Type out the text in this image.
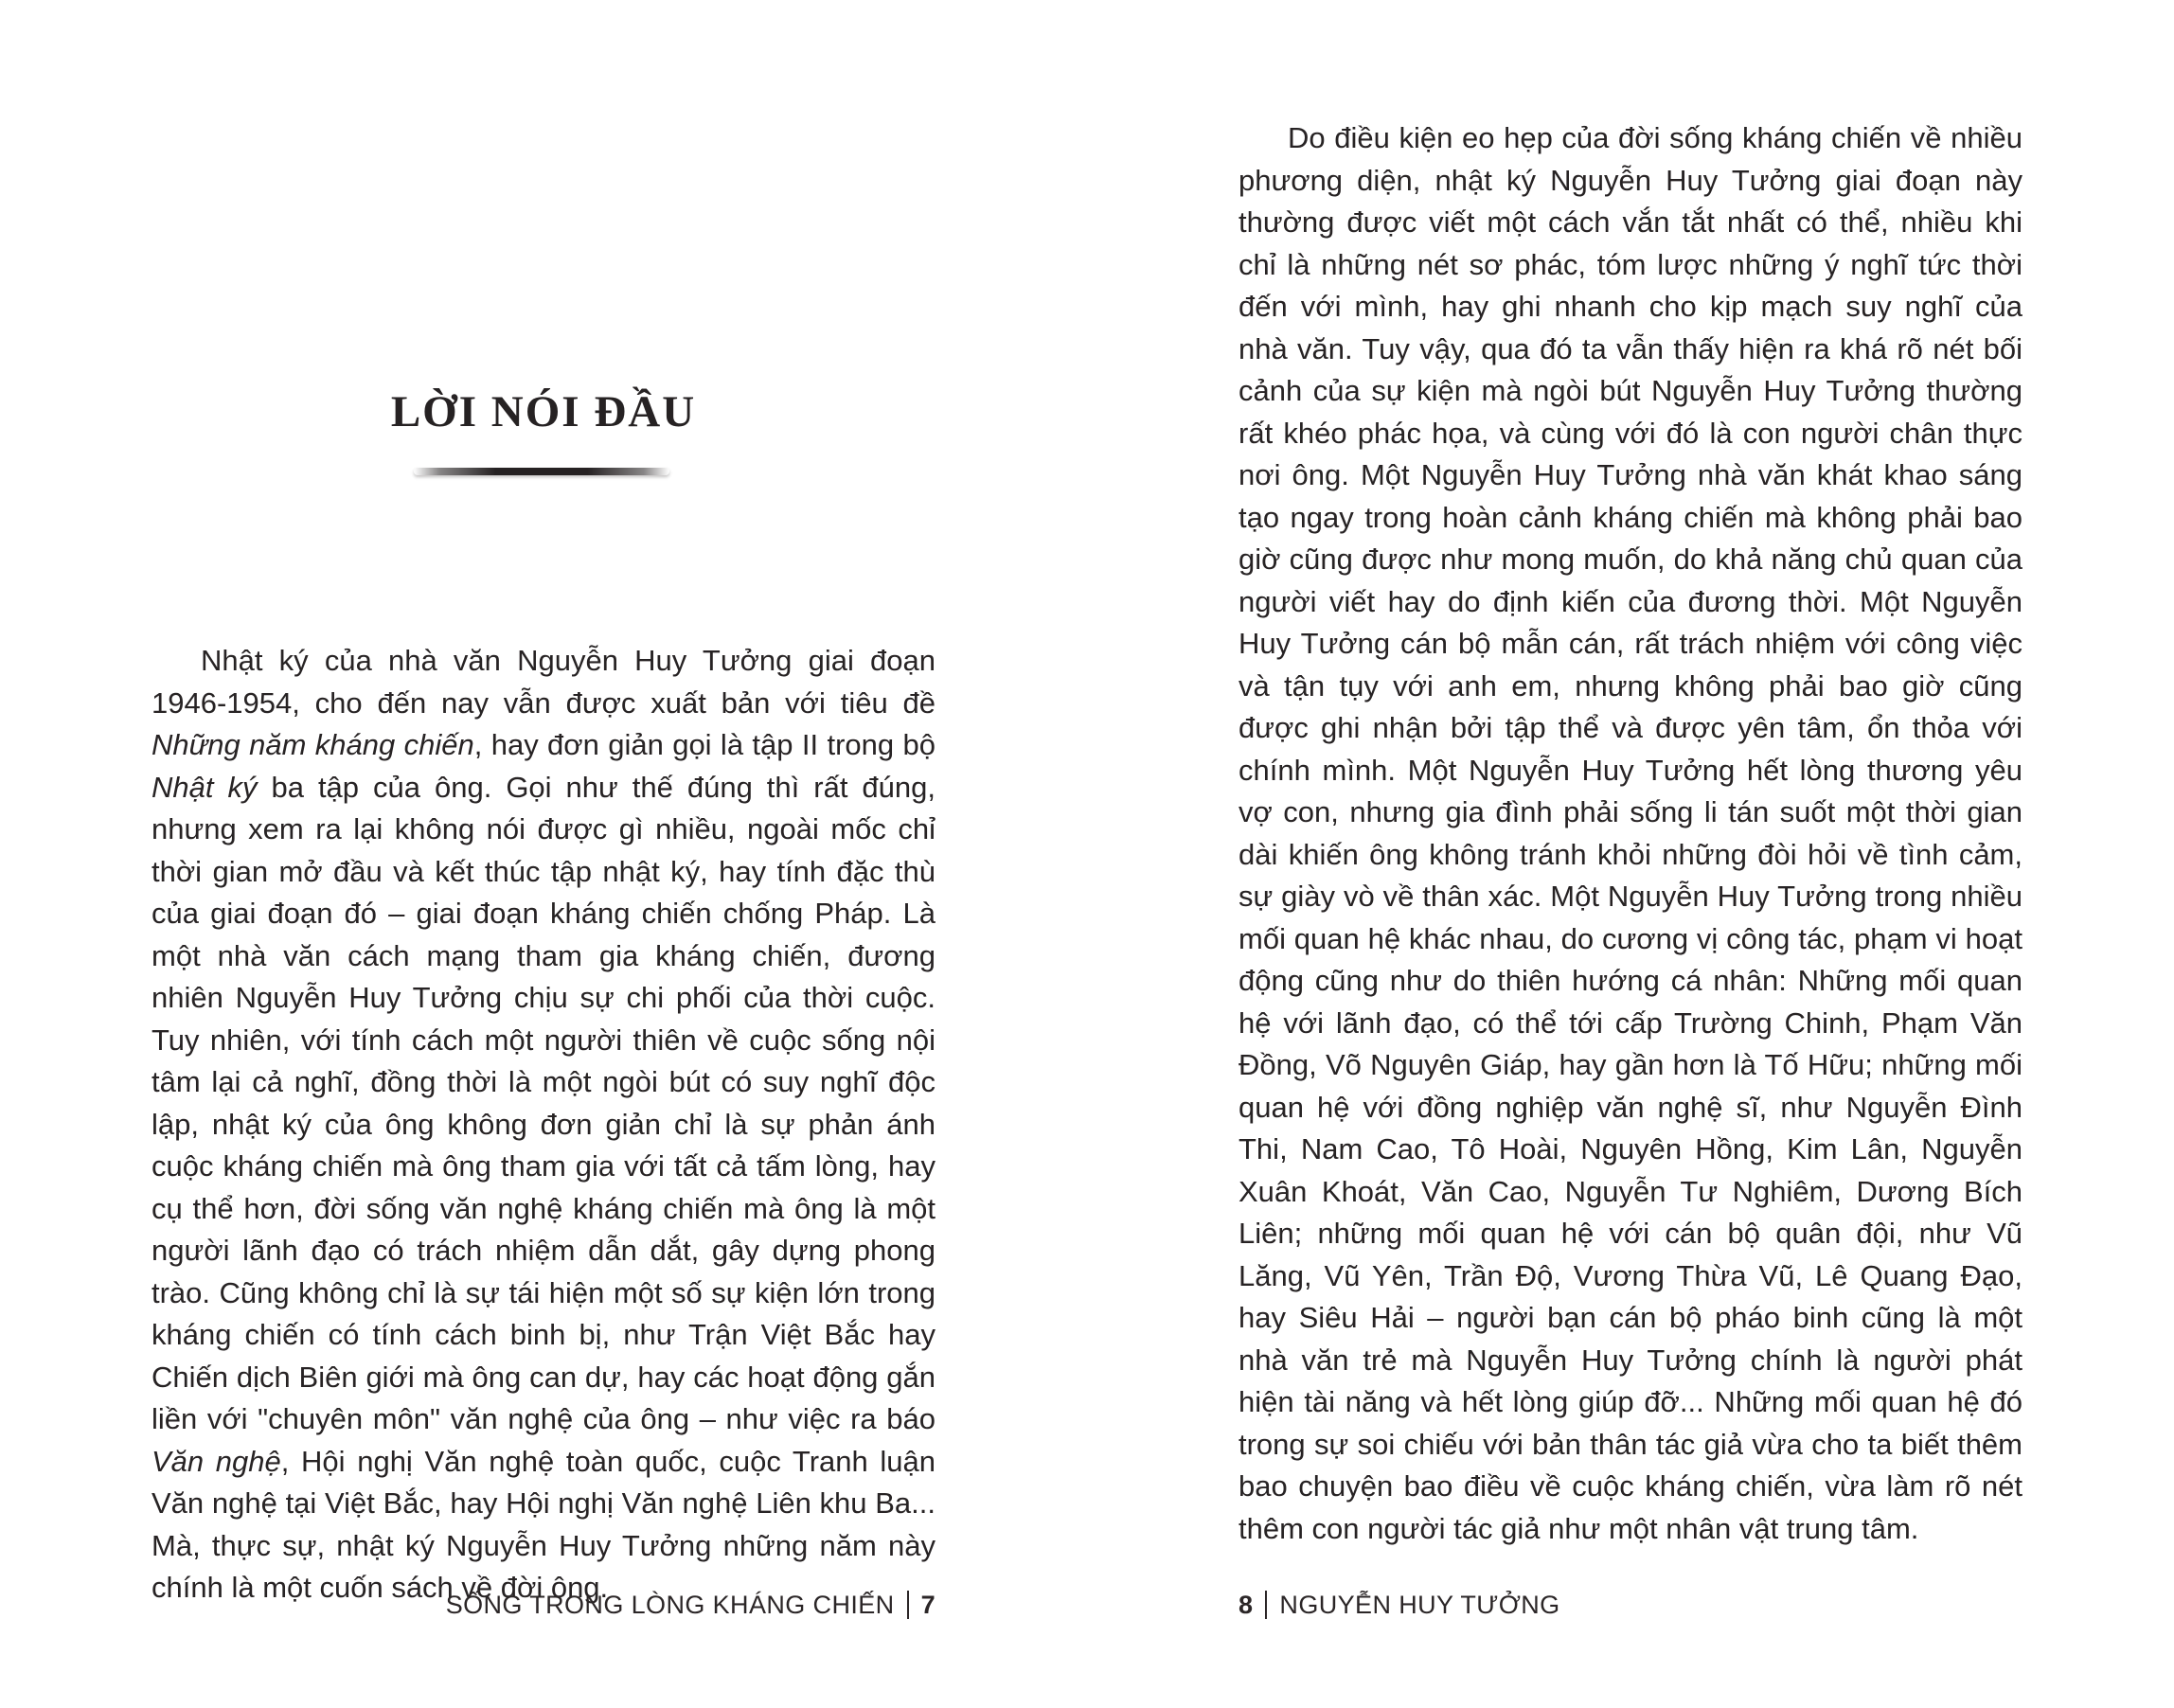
LỜI NÓI ĐẦU
Nhật ký của nhà văn Nguyễn Huy Tưởng giai đoạn 1946-1954, cho đến nay vẫn được xuất bản với tiêu đề Những năm kháng chiến, hay đơn giản gọi là tập II trong bộ Nhật ký ba tập của ông. Gọi như thế đúng thì rất đúng, nhưng xem ra lại không nói được gì nhiều, ngoài mốc chỉ thời gian mở đầu và kết thúc tập nhật ký, hay tính đặc thù của giai đoạn đó – giai đoạn kháng chiến chống Pháp. Là một nhà văn cách mạng tham gia kháng chiến, đương nhiên Nguyễn Huy Tưởng chịu sự chi phối của thời cuộc. Tuy nhiên, với tính cách một người thiên về cuộc sống nội tâm lại cả nghĩ, đồng thời là một ngòi bút có suy nghĩ độc lập, nhật ký của ông không đơn giản chỉ là sự phản ánh cuộc kháng chiến mà ông tham gia với tất cả tấm lòng, hay cụ thể hơn, đời sống văn nghệ kháng chiến mà ông là một người lãnh đạo có trách nhiệm dẫn dắt, gây dựng phong trào. Cũng không chỉ là sự tái hiện một số sự kiện lớn trong kháng chiến có tính cách binh bị, như Trận Việt Bắc hay Chiến dịch Biên giới mà ông can dự, hay các hoạt động gắn liền với "chuyên môn" văn nghệ của ông – như việc ra báo Văn nghệ, Hội nghị Văn nghệ toàn quốc, cuộc Tranh luận Văn nghệ tại Việt Bắc, hay Hội nghị Văn nghệ Liên khu Ba... Mà, thực sự, nhật ký Nguyễn Huy Tưởng những năm này chính là một cuốn sách về đời ông.
SỐNG TRONG LÒNG KHÁNG CHIẾN 7
Do điều kiện eo hẹp của đời sống kháng chiến về nhiều phương diện, nhật ký Nguyễn Huy Tưởng giai đoạn này thường được viết một cách vắn tắt nhất có thể, nhiều khi chỉ là những nét sơ phác, tóm lược những ý nghĩ tức thời đến với mình, hay ghi nhanh cho kịp mạch suy nghĩ của nhà văn. Tuy vậy, qua đó ta vẫn thấy hiện ra khá rõ nét bối cảnh của sự kiện mà ngòi bút Nguyễn Huy Tưởng thường rất khéo phác họa, và cùng với đó là con người chân thực nơi ông. Một Nguyễn Huy Tưởng nhà văn khát khao sáng tạo ngay trong hoàn cảnh kháng chiến mà không phải bao giờ cũng được như mong muốn, do khả năng chủ quan của người viết hay do định kiến của đương thời. Một Nguyễn Huy Tưởng cán bộ mẫn cán, rất trách nhiệm với công việc và tận tụy với anh em, nhưng không phải bao giờ cũng được ghi nhận bởi tập thể và được yên tâm, ổn thỏa với chính mình. Một Nguyễn Huy Tưởng hết lòng thương yêu vợ con, nhưng gia đình phải sống li tán suốt một thời gian dài khiến ông không tránh khỏi những đòi hỏi về tình cảm, sự giày vò về thân xác. Một Nguyễn Huy Tưởng trong nhiều mối quan hệ khác nhau, do cương vị công tác, phạm vi hoạt động cũng như do thiên hướng cá nhân: Những mối quan hệ với lãnh đạo, có thể tới cấp Trường Chinh, Phạm Văn Đồng, Võ Nguyên Giáp, hay gần hơn là Tố Hữu; những mối quan hệ với đồng nghiệp văn nghệ sĩ, như Nguyễn Đình Thi, Nam Cao, Tô Hoài, Nguyên Hồng, Kim Lân, Nguyễn Xuân Khoát, Văn Cao, Nguyễn Tư Nghiêm, Dương Bích Liên; những mối quan hệ với cán bộ quân đội, như Vũ Lăng, Vũ Yên, Trần Độ, Vương Thừa Vũ, Lê Quang Đạo, hay Siêu Hải – người bạn cán bộ pháo binh cũng là một nhà văn trẻ mà Nguyễn Huy Tưởng chính là người phát hiện tài năng và hết lòng giúp đỡ... Những mối quan hệ đó trong sự soi chiếu với bản thân tác giả vừa cho ta biết thêm bao chuyện bao điều về cuộc kháng chiến, vừa làm rõ nét thêm con người tác giả như một nhân vật trung tâm.
8 NGUYỄN HUY TƯỞNG
